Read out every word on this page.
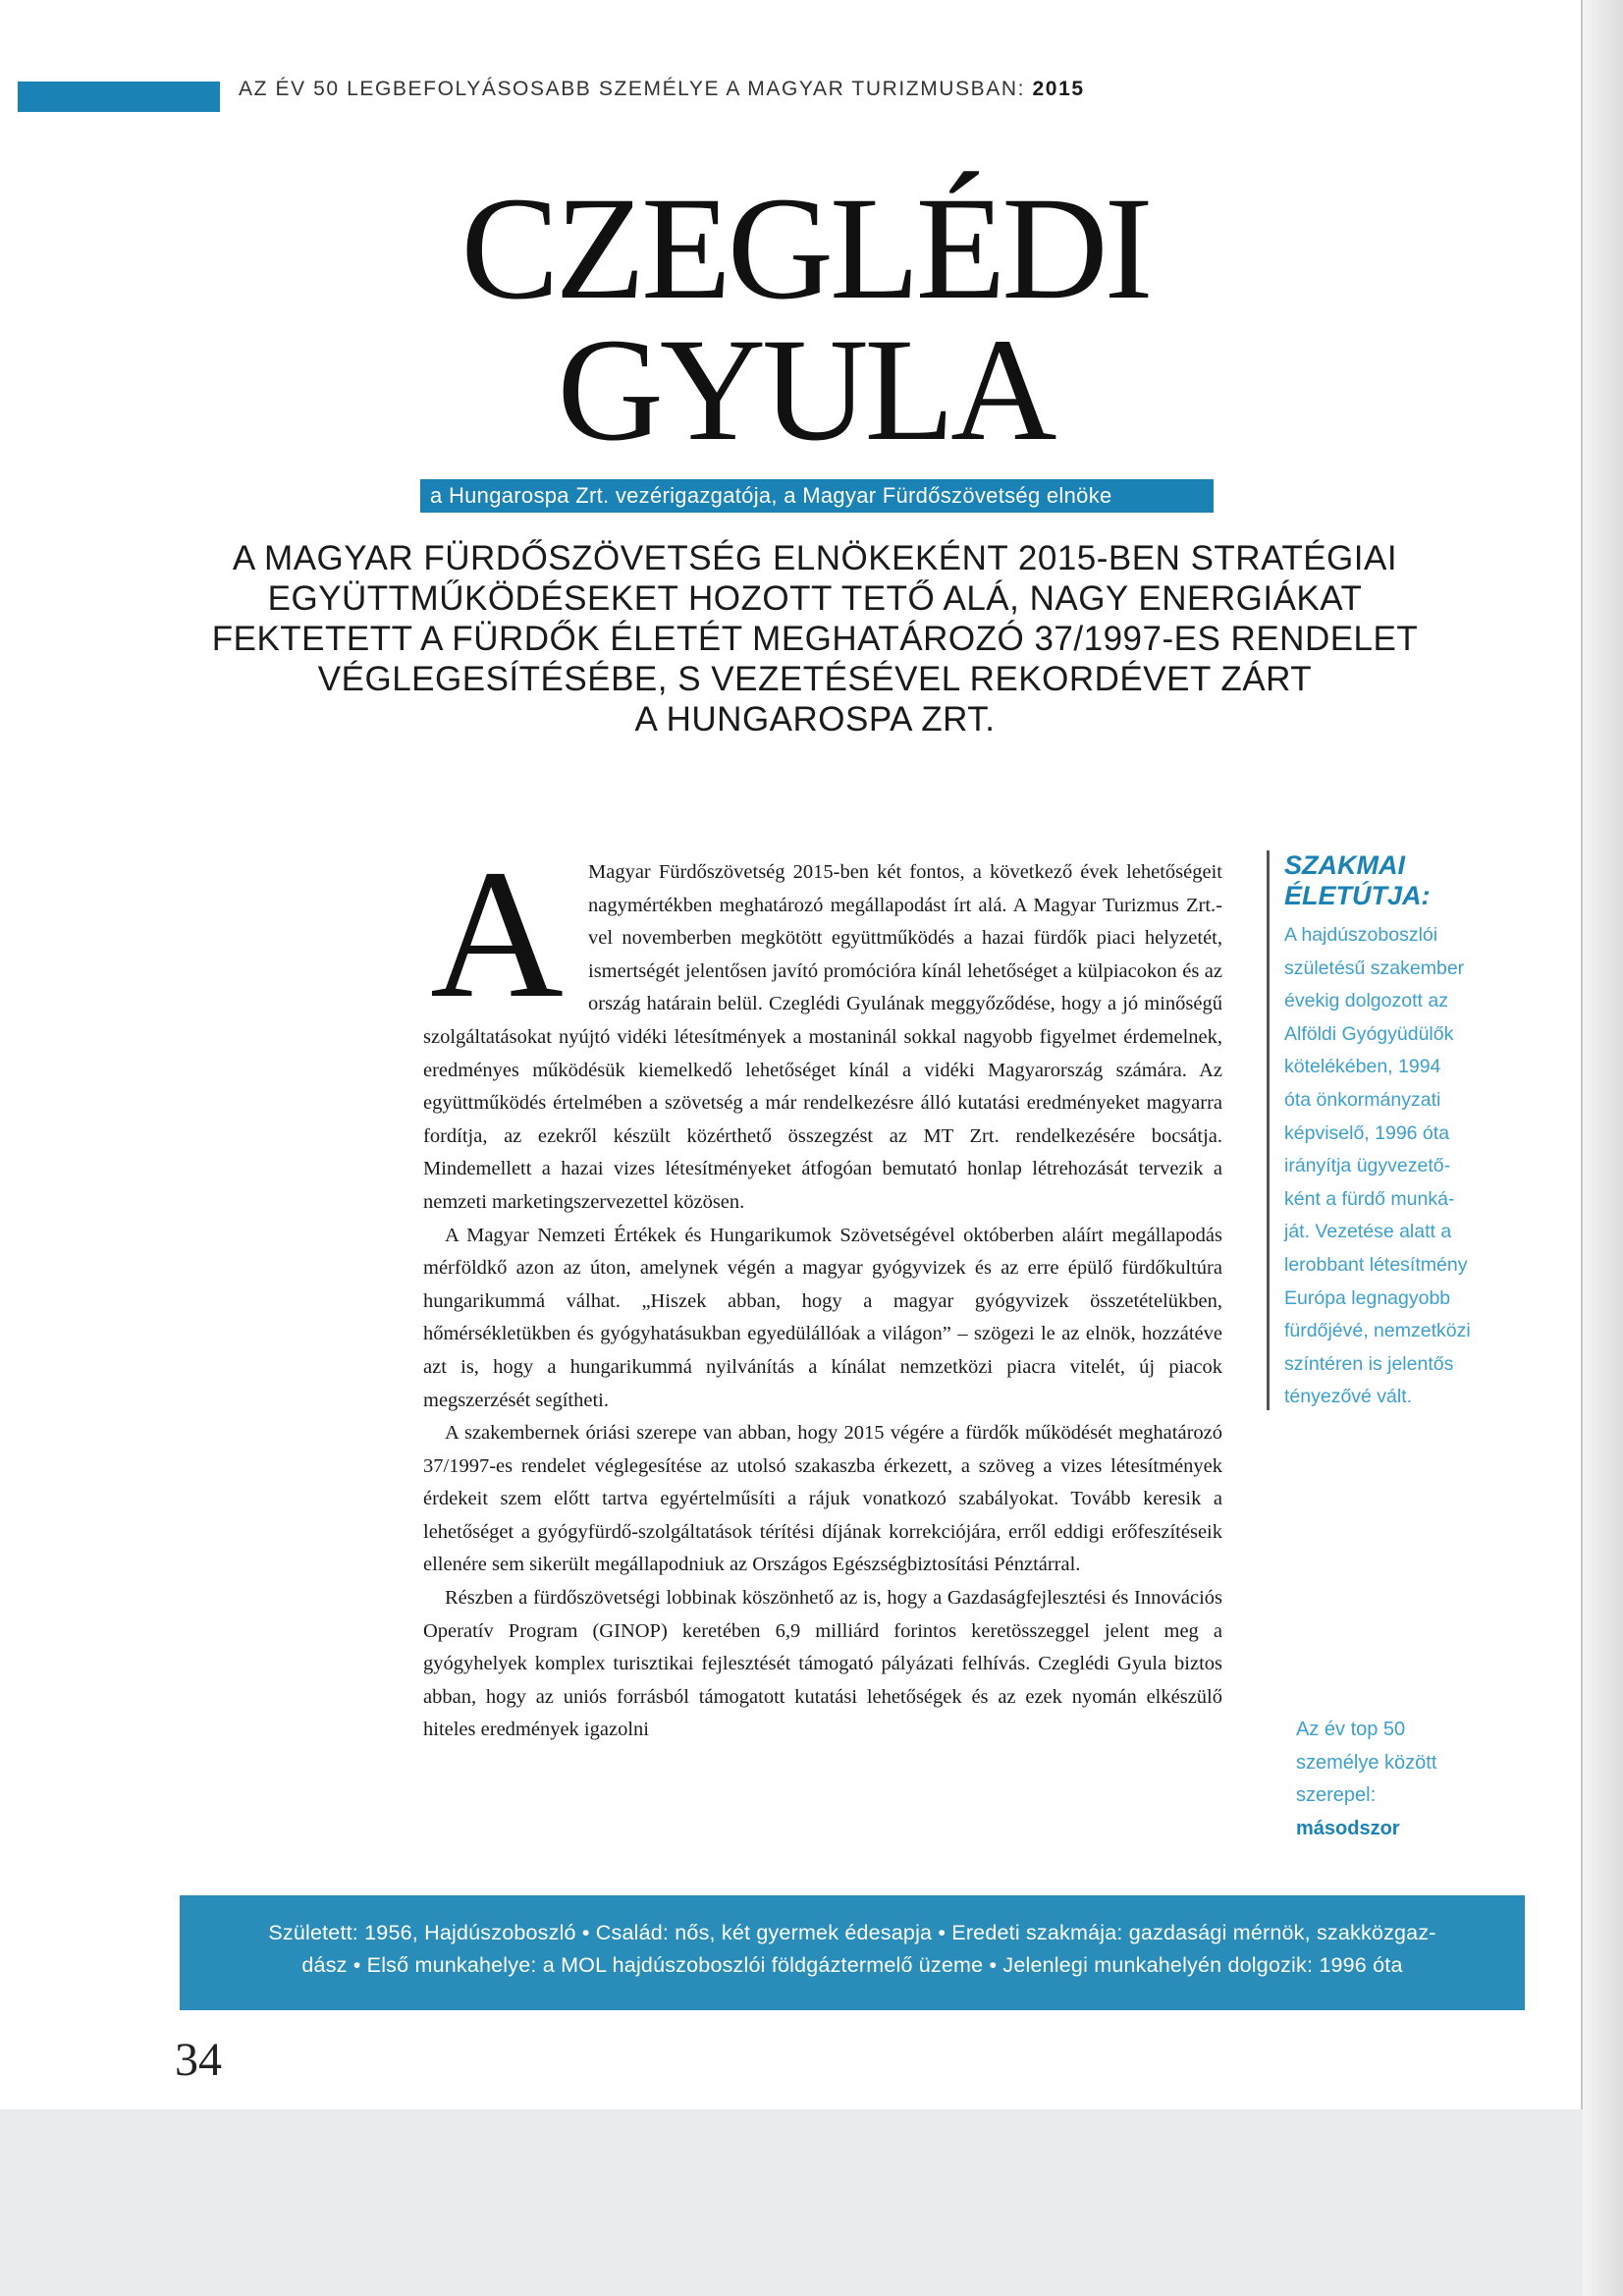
AZ ÉV 50 LEGBEFOLYÁSOSABB SZEMÉLYE A MAGYAR TURIZMUSBAN: 2015
CZEGLÉDI
GYULA
a Hungarospa Zrt. vezérigazgatója, a Magyar Fürdőszövetség elnöke
A MAGYAR FÜRDŐSZÖVETSÉG ELNÖKEKÉNT 2015-BEN STRATÉGIAI
EGYÜTTMŰKÖDÉSEKET HOZOTT TETŐ ALÁ, NAGY ENERGIÁKAT
FEKTETETT A FÜRDŐK ÉLETÉT MEGHATÁROZÓ 37/1997-ES RENDELET
VÉGLEGESÍTÉSÉBE, S VEZETÉSÉVEL REKORDÉVET ZÁRT
A HUNGAROSPA ZRT.
A	Magyar Fürdőszövetség 2015-ben két fontos, a következő évek lehetőségeit nagymértékben meghatározó megállapodást írt alá. A Magyar Turizmus Zrt.-vel novemberben megkötött együttműködés a hazai fürdők piaci helyzetét, ismertségét jelentősen javító promócióra kínál lehetőséget a külpiacokon és az ország határain belül. Czeglédi Gyulának meggyőződése, hogy a jó minőségű szolgáltatásokat nyújtó vidéki létesítmények a mostaninál sokkal nagyobb figyelmet érdemelnek, eredményes működésük kiemelkedő lehetőséget kínál a vidéki Magyarország számára. Az együttműködés értelmében a szövetség a már rendelkezésre álló kutatási eredményeket magyarra fordítja, az ezekről készült közérthető összegzést az MT Zrt. rendelkezésére bocsátja. Mindemellett a hazai vizes létesítményeket átfogóan bemutató honlap létrehozását tervezik a nemzeti marketingszervezettel közösen.

A Magyar Nemzeti Értékek és Hungarikumok Szövetségével októberben aláírt megállapodás mérföldkő azon az úton, amelynek végén a magyar gyógyvizek és az erre épülő fürdőkultúra hungarikummá válhat. „Hiszek abban, hogy a magyar gyógyvizek összetételükben, hőmérsékletükben és gyógyhatásukban egyedülállóak a világon” – szögezi le az elnök, hozzátéve azt is, hogy a hungarikummá nyilvánítás a kínálat nemzetközi piacra vitelét, új piacok megszerzését segítheti.

A szakembernek óriási szerepe van abban, hogy 2015 végére a fürdők működését meghatározó 37/1997-es rendelet véglegesítése az utolsó szakaszba érkezett, a szöveg a vizes létesítmények érdekeit szem előtt tartva egyértelműsíti a rájuk vonatkozó szabályokat. Tovább keresik a lehetőséget a gyógyfürdő-szolgáltatások térítési díjának korrekciójára, erről eddigi erőfeszítéseik ellenére sem sikerült megállapodniuk az Országos Egészségbiztosítási Pénztárral.

Részben a fürdőszövetségi lobbinak köszönhető az is, hogy a Gazdaságfejlesztési és Innovációs Operatív Program (GINOP) keretében 6,9 milliárd forintos keretösszeggel jelent meg a gyógyhelyek komplex turisztikai fejlesztését támogató pályázati felhívás. Czeglédi Gyula biztos abban, hogy az uniós forrásból támogatott kutatási lehetőségek és az ezek nyomán elkészülő hiteles eredmények igazolni

SZAKMAI
ÉLETÚTJA:
A hajdúszoboszlói
születésű szakember
évekig dolgozott az
Alföldi Gyógyüdülők
kötelékében, 1994
óta önkormányzati
képviselő, 1996 óta
irányítja ügyvezető-
ként a fürdő munká-
ját. Vezetése alatt a
lerobbant létesítmény
Európa legnagyobb
fürdőjévé, nemzetközi
színtéren is jelentős
tényezővé vált.
Az év top 50
személye között
szerepel:
másodszor
Született: 1956, Hajdúszoboszló • Család: nős, két gyermek édesapja • Eredeti szakmája: gazdasági mérnök, szakközgaz-
dász • Első munkahelye: a MOL hajdúszoboszlói földgáztermelő üzeme • Jelenlegi munkahelyén dolgozik: 1996 óta
34
